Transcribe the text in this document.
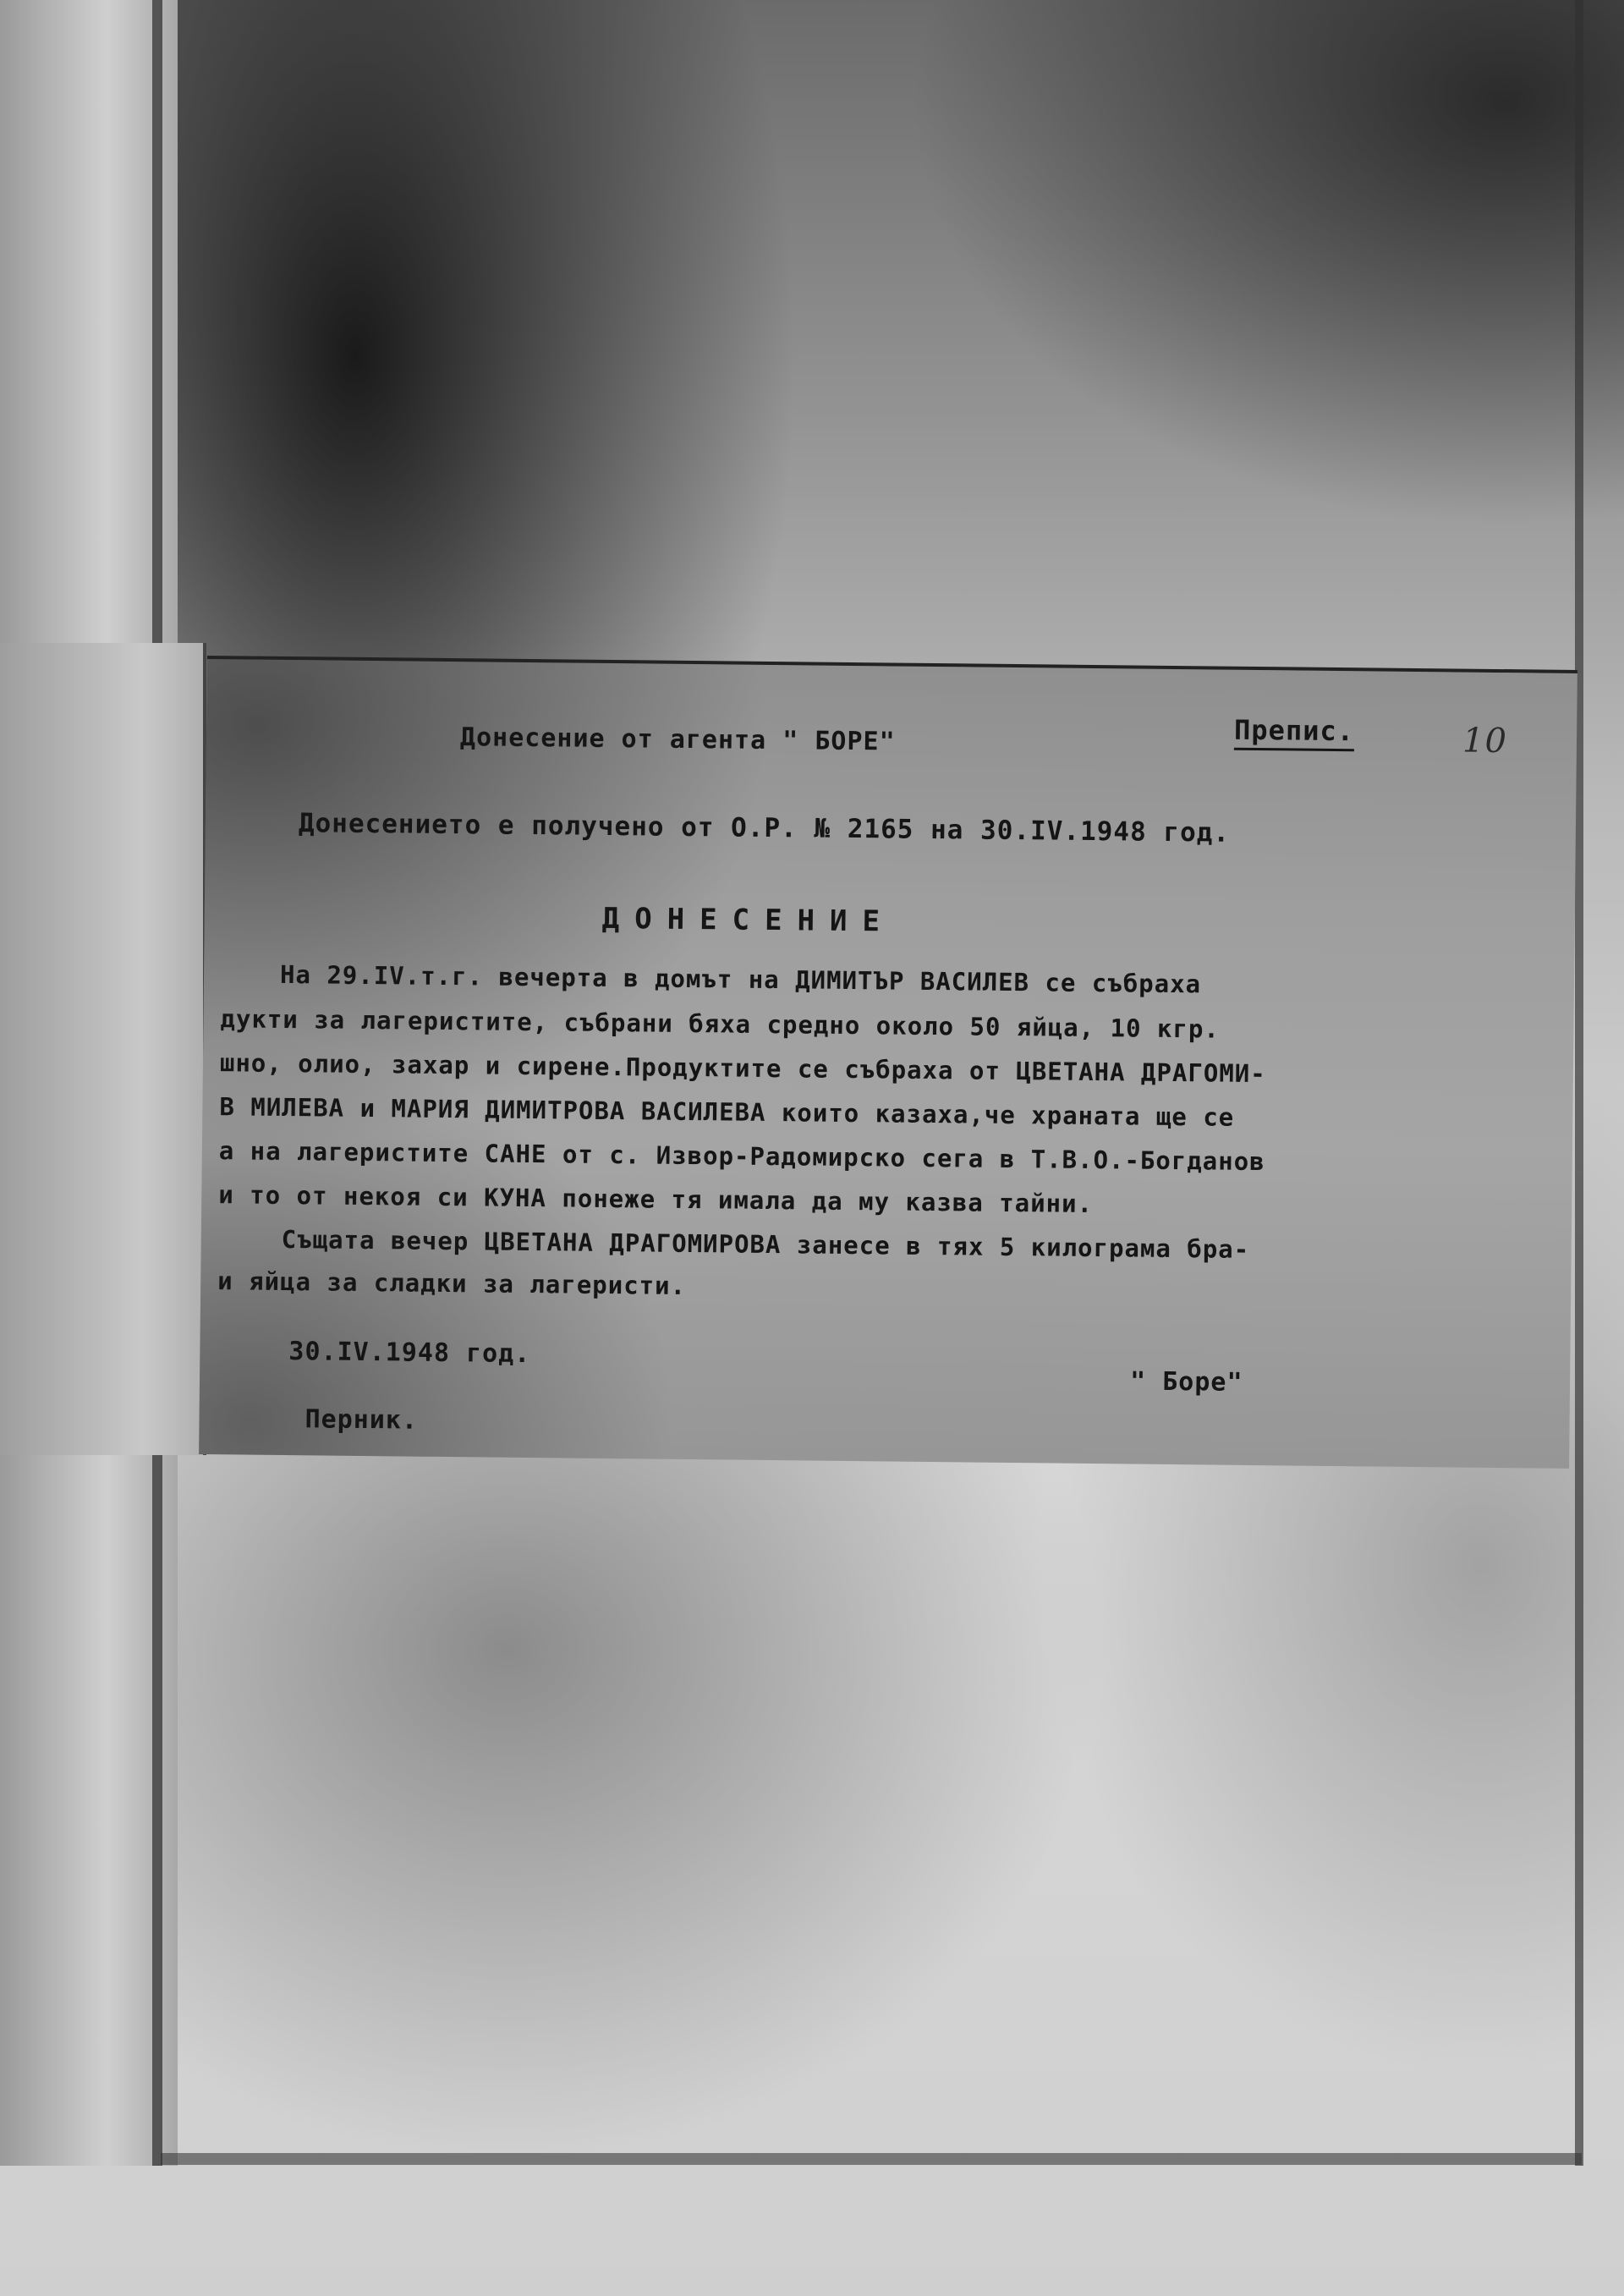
Донесение от агента " БОРЕ"	Препис.	10
Донесението е получено от О.Р. № 2165 на 30.IV.1948 год.
ДОНЕСЕНИЕ
На 29.IV.т.г. вечерта в домът на ДИМИТЪР ВАСИЛЕВ се събраха
дукти за лагеристите, събрани бяха средно около 50 яйца, 10 кгр.
шно, олио, захар и сирене.Продуктите се събраха от ЦВЕТАНА ДРАГОМИ-
В МИЛЕВА и МАРИЯ ДИМИТРОВА ВАСИЛЕВА които казаха,че храната ще се
а на лагеристите САНЕ от с. Извор-Радомирско сега в Т.В.О.-Богданов
и то от некоя си КУНА понеже тя имала да му казва тайни.
Същата вечер ЦВЕТАНА ДРАГОМИРОВА занесе в тях 5 килограма бра-
и яйца за сладки за лагеристи.
30.IV.1948 год.
" Боре"
Перник.
